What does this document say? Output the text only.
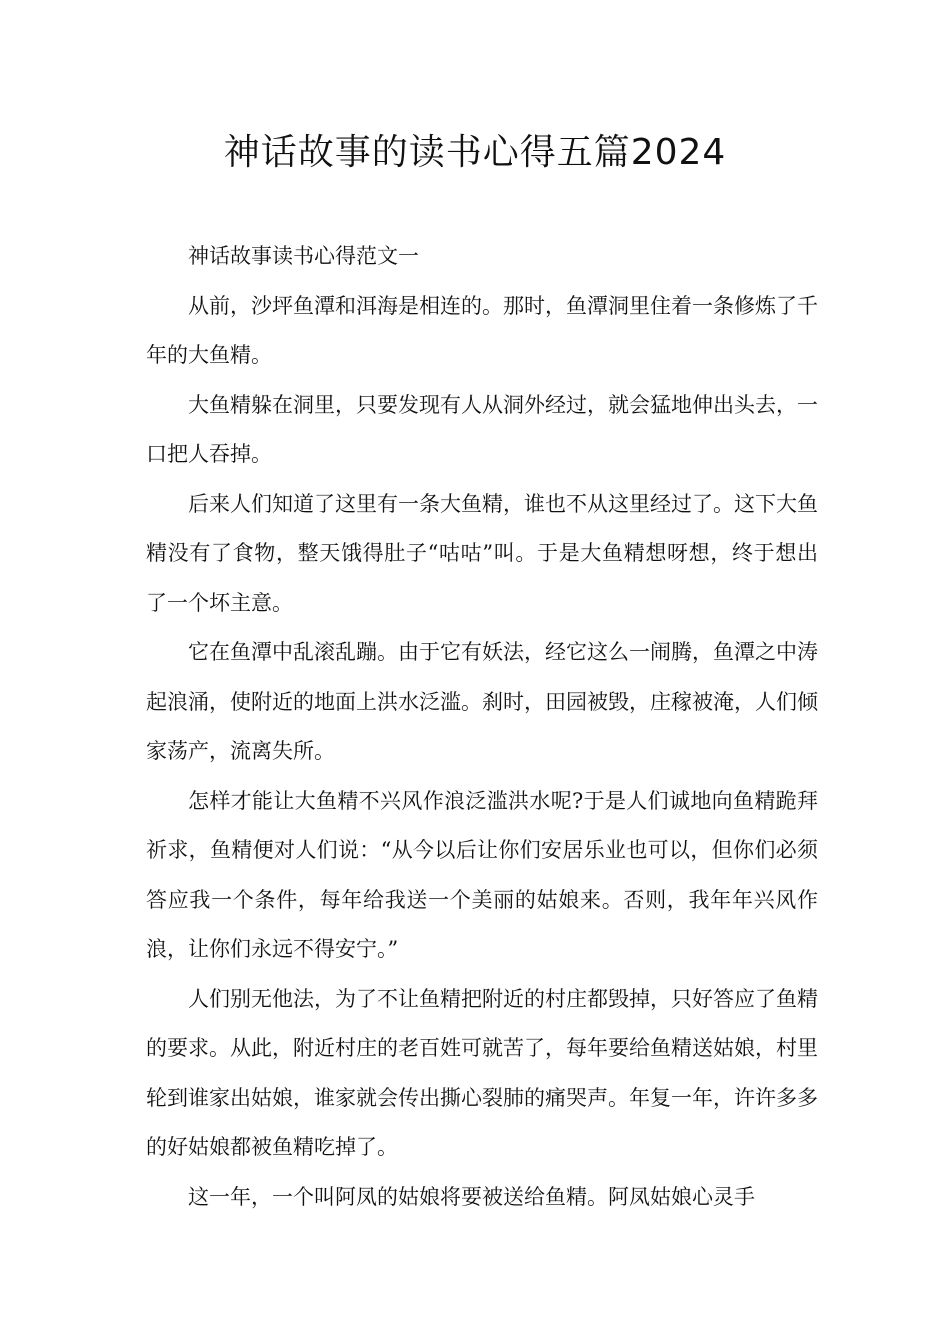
神话故事的读书心得五篇2024

神话故事读书心得范文一

从前，沙坪鱼潭和洱海是相连的。那时，鱼潭洞里住着一条修炼了千年的大鱼精。

大鱼精躲在洞里，只要发现有人从洞外经过，就会猛地伸出头去，一口把人吞掉。

后来人们知道了这里有一条大鱼精，谁也不从这里经过了。这下大鱼精没有了食物，整天饿得肚子“咕咕”叫。于是大鱼精想呀想，终于想出了一个坏主意。

它在鱼潭中乱滚乱蹦。由于它有妖法，经它这么一闹腾，鱼潭之中涛起浪涌，使附近的地面上洪水泛滥。刹时，田园被毁，庄稼被淹，人们倾家荡产，流离失所。

怎样才能让大鱼精不兴风作浪泛滥洪水呢?于是人们诚地向鱼精跪拜祈求，鱼精便对人们说：“从今以后让你们安居乐业也可以，但你们必须答应我一个条件，每年给我送一个美丽的姑娘来。否则，我年年兴风作浪，让你们永远不得安宁。”

人们别无他法，为了不让鱼精把附近的村庄都毁掉，只好答应了鱼精的要求。从此，附近村庄的老百姓可就苦了，每年要给鱼精送姑娘，村里轮到谁家出姑娘，谁家就会传出撕心裂肺的痛哭声。年复一年，许许多多的好姑娘都被鱼精吃掉了。

这一年，一个叫阿凤的姑娘将要被送给鱼精。阿凤姑娘心灵手
